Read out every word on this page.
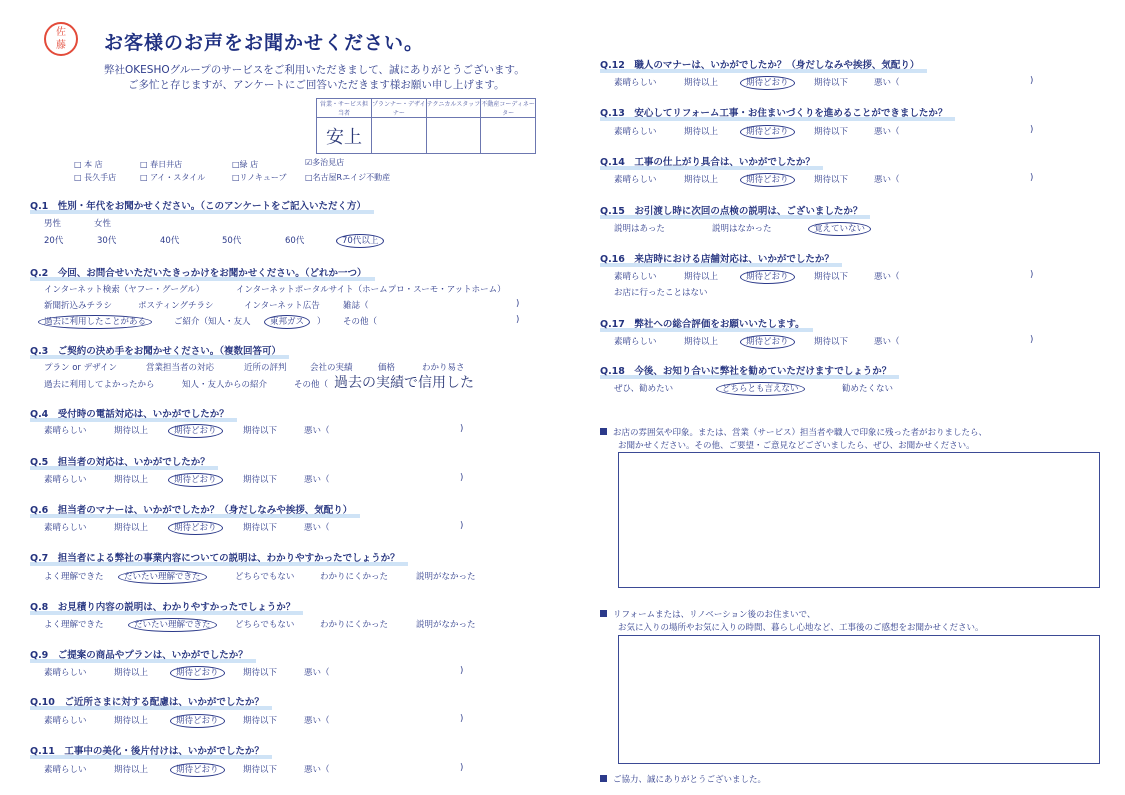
佐
藤 お客様のお声をお聞かせください。
弊社OKESHOグループのサービスをご利用いただきまして、誠にありがとうございます。
ご多忙と存じますが、アンケートにご回答いただきます様お願い申し上げます。
営業・サービス担当者	プランナー・デザイナー	テクニカルスタッフ	不動産コーディネーター
安上			
□ 本 店	□ 春日井店	□緑 店	☑多治見店
□ 長久手店	□ アイ・スタイル	□リノキューブ □名古屋Rエイジ不動産
Q.1　性別・年代をお聞かせください。（このアンケートをご記入いただく方）
男性	女性
20代	30代	40代	50代	60代	70代以上
Q.2　今回、お問合せいただいたきっかけをお聞かせください。（どれか一つ）
インターネット検索（ヤフー・グーグル）	インターネットポータルサイト（ホームプロ・スーモ・アットホーム）
新聞折込みチラシ	ポスティングチラシ	インターネット広告	雑誌（	)
過去に利用したことがある	ご紹介（知人・友人 東邦ガス ） その他（	)
Q.3　ご契約の決め手をお聞かせください。（複数回答可）
プラン or デザイン	営業担当者の対応	近所の評判	会社の実績	価格	わかり易さ
過去に利用してよかったから	知人・友人からの紹介	その他（ 過去の実績で信用した
Q.4　受付時の電話対応は、いかがでしたか？
素晴らしい	期待以上	期待どおり	期待以下	悪い（	)
Q.5　担当者の対応は、いかがでしたか？
素晴らしい	期待以上	期待どおり	期待以下	悪い（	)
Q.6　担当者のマナーは、いかがでしたか？（身だしなみや挨拶、気配り）
素晴らしい	期待以上	期待どおり	期待以下	悪い（	)
Q.7　担当者による弊社の事業内容についての説明は、わかりやすかったでしょうか？
よく理解できた だいたい理解できた	どちらでもない	わかりにくかった	説明がなかった
Q.8　お見積り内容の説明は、わかりやすかったでしょうか？
よく理解できた	だいたい理解できた	どちらでもない	わかりにくかった	説明がなかった
Q.9　ご提案の商品やプランは、いかがでしたか？
素晴らしい	期待以上	期待どおり	期待以下	悪い（	)
Q.10　ご近所さまに対する配慮は、いかがでしたか？
素晴らしい	期待以上	期待どおり	期待以下	悪い（	)
Q.11　工事中の美化・後片付けは、いかがでしたか？
素晴らしい	期待以上	期待どおり	期待以下	悪い（	)
Q.12　職人のマナーは、いかがでしたか？（身だしなみや挨拶、気配り）
素晴らしい	期待以上	期待どおり	期待以下	悪い（	)
Q.13　安心してリフォーム工事・お住まいづくりを進めることができましたか？
素晴らしい	期待以上	期待どおり	期待以下	悪い（	)
Q.14　工事の仕上がり具合は、いかがでしたか？
素晴らしい	期待以上	期待どおり	期待以下	悪い（	)
Q.15　お引渡し時に次回の点検の説明は、ございましたか？
説明はあった	説明はなかった	覚えていない
Q.16　来店時における店舗対応は、いかがでしたか？
素晴らしい	期待以上	期待どおり	期待以下	悪い（	)
お店に行ったことはない
Q.17　弊社への総合評価をお願いいたします。
素晴らしい	期待以上	期待どおり	期待以下	悪い（	)
Q.18　今後、お知り合いに弊社を勧めていただけますでしょうか？
ぜひ、勧めたい	どちらとも言えない	勧めたくない
お店の雰囲気や印象。または、営業（サービス）担当者や職人で印象に残った者がおりましたら、
お聞かせください。その他、ご要望・ご意見などございましたら、ぜひ、お聞かせください。
リフォームまたは、リノベーション後のお住まいで、
お気に入りの場所やお気に入りの時間、暮らし心地など、工事後のご感想をお聞かせください。
ご協力、誠にありがとうございました。
